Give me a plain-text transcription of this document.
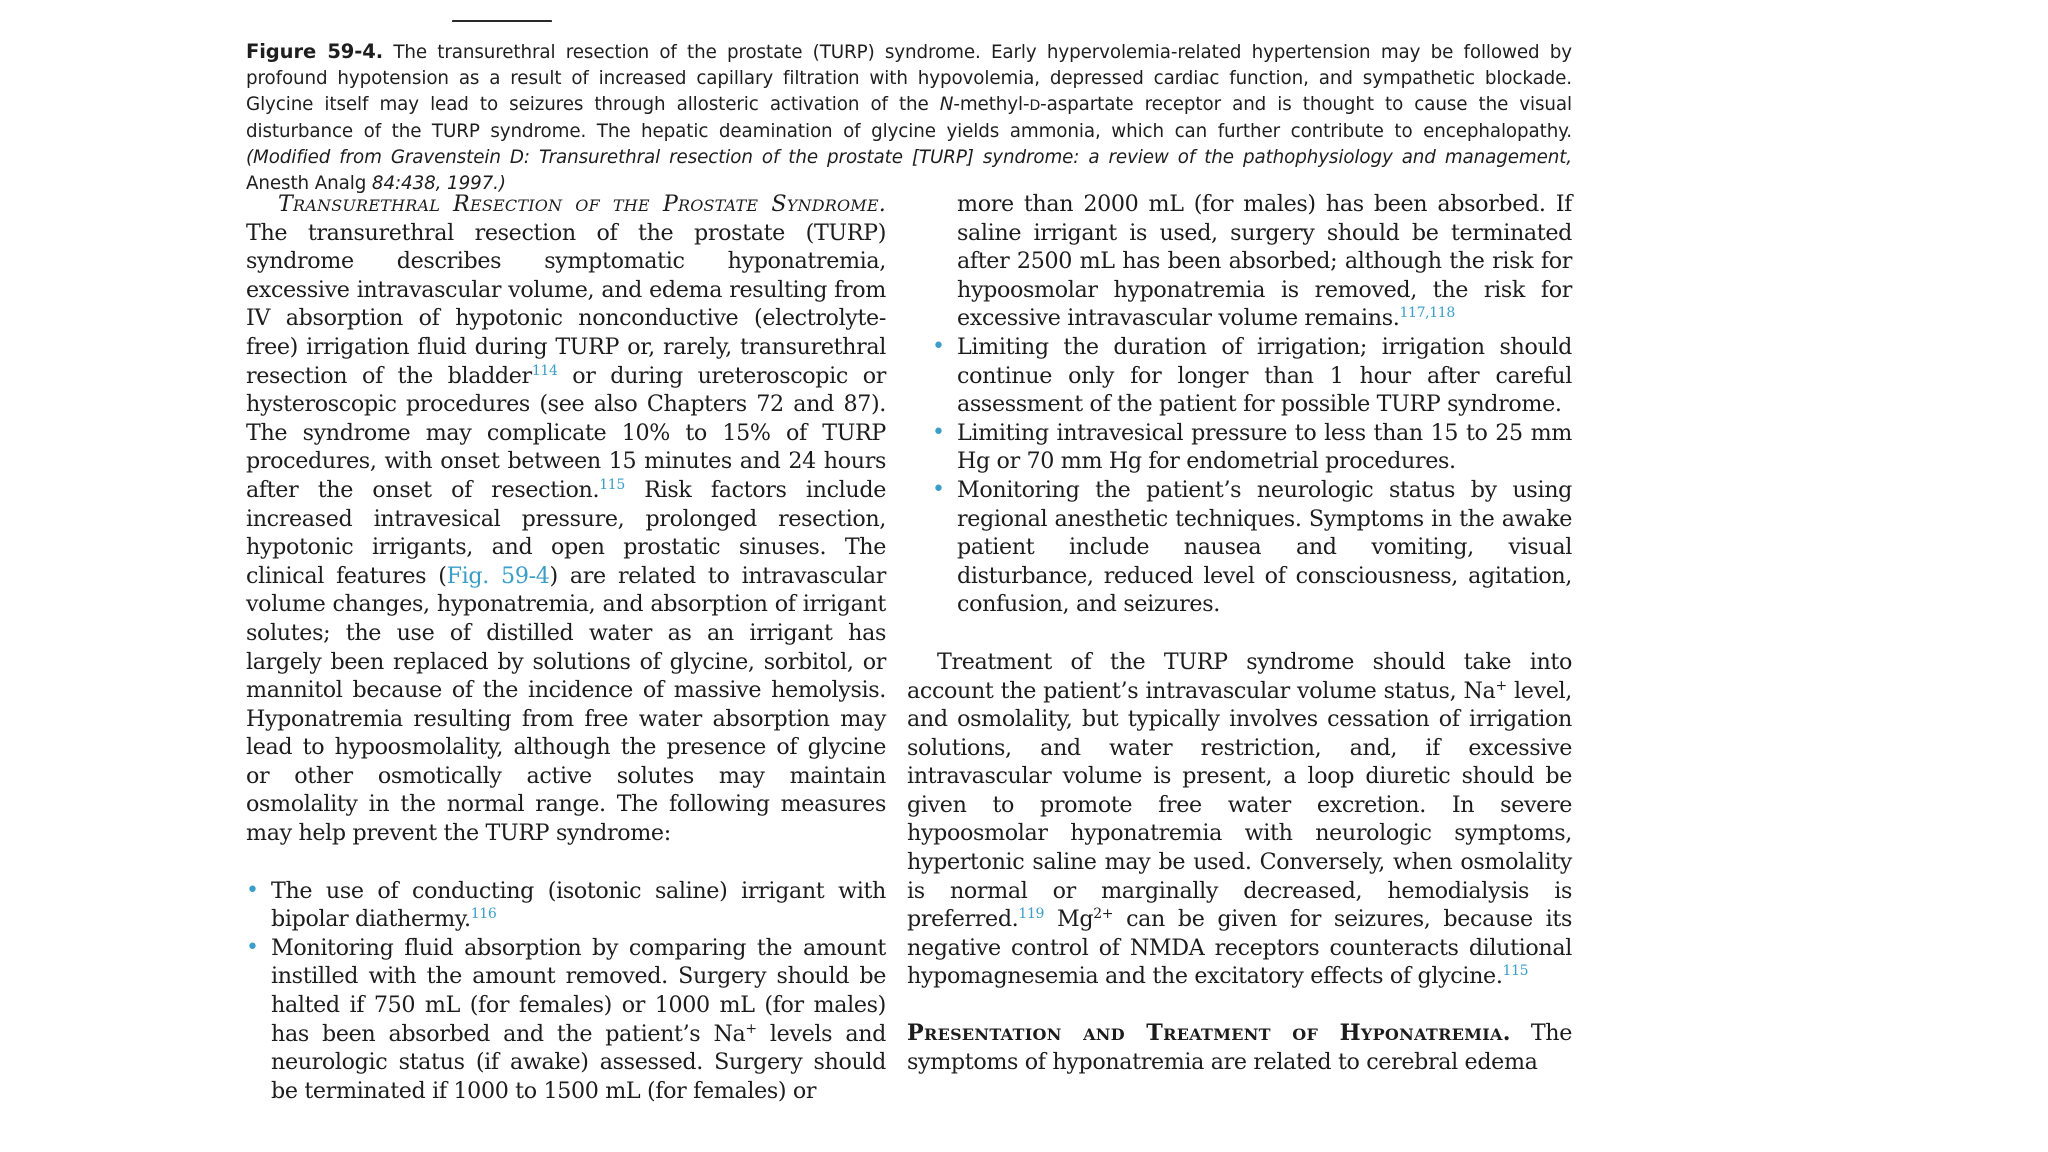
Figure 59-4. The transurethral resection of the prostate (TURP) syndrome. Early hypervolemia-related hypertension may be followed by profound hypotension as a result of increased capillary filtration with hypovolemia, depressed cardiac function, and sympathetic blockade. Glycine itself may lead to seizures through allosteric activation of the N-methyl-D-aspartate receptor and is thought to cause the visual disturbance of the TURP syndrome. The hepatic deamination of glycine yields ammonia, which can further contribute to encephalopathy. (Modified from Gravenstein D: Transurethral resection of the prostate [TURP] syndrome: a review of the pathophysiology and management, Anesth Analg 84:438, 1997.)

Transurethral Resection of the Prostate Syndrome. The transurethral resection of the prostate (TURP) syndrome describes symptomatic hyponatremia, excessive intravascular volume, and edema resulting from IV absorption of hypotonic nonconductive (electrolyte-free) irrigation fluid during TURP or, rarely, transurethral resection of the bladder$^{114}$ or during ureteroscopic or hysteroscopic procedures (see also Chapters 72 and 87). The syndrome may complicate 10% to 15% of TURP procedures, with onset between 15 minutes and 24 hours after the onset of resection.$^{115}$ Risk factors include increased intravesical pressure, prolonged resection, hypotonic irrigants, and open prostatic sinuses. The clinical features (Fig. 59-4) are related to intravascular volume changes, hyponatremia, and absorption of irrigant solutes; the use of distilled water as an irrigant has largely been replaced by solutions of glycine, sorbitol, or mannitol because of the incidence of massive hemolysis. Hyponatremia resulting from free water absorption may lead to hypoosmolality, although the presence of glycine or other osmotically active solutes may maintain osmolality in the normal range. The following measures may help prevent the TURP syndrome:

• The use of conducting (isotonic saline) irrigant with bipolar diathermy.$^{116}$
• Monitoring fluid absorption by comparing the amount instilled with the amount removed. Surgery should be halted if 750 mL (for females) or 1000 mL (for males) has been absorbed and the patient’s Na+ levels and neurologic status (if awake) assessed. Surgery should be terminated if 1000 to 1500 mL (for females) or
more than 2000 mL (for males) has been absorbed. If saline irrigant is used, surgery should be terminated after 2500 mL has been absorbed; although the risk for hypoosmolar hyponatremia is removed, the risk for excessive intravascular volume remains.$^{117,118}$
• Limiting the duration of irrigation; irrigation should continue only for longer than 1 hour after careful assessment of the patient for possible TURP syndrome.
• Limiting intravesical pressure to less than 15 to 25 mm Hg or 70 mm Hg for endometrial procedures.
• Monitoring the patient’s neurologic status by using regional anesthetic techniques. Symptoms in the awake patient include nausea and vomiting, visual disturbance, reduced level of consciousness, agitation, confusion, and seizures.

Treatment of the TURP syndrome should take into account the patient’s intravascular volume status, Na+ level, and osmolality, but typically involves cessation of irrigation solutions, and water restriction, and, if excessive intravascular volume is present, a loop diuretic should be given to promote free water excretion. In severe hypoosmolar hyponatremia with neurologic symptoms, hypertonic saline may be used. Conversely, when osmolality is normal or marginally decreased, hemodialysis is preferred.$^{119}$ $Mg^{2+}$ can be given for seizures, because its negative control of NMDA receptors counteracts dilutional hypomagnesemia and the excitatory effects of glycine.$^{115}$

Presentation and Treatment of Hyponatremia. The symptoms of hyponatremia are related to cerebral edema
